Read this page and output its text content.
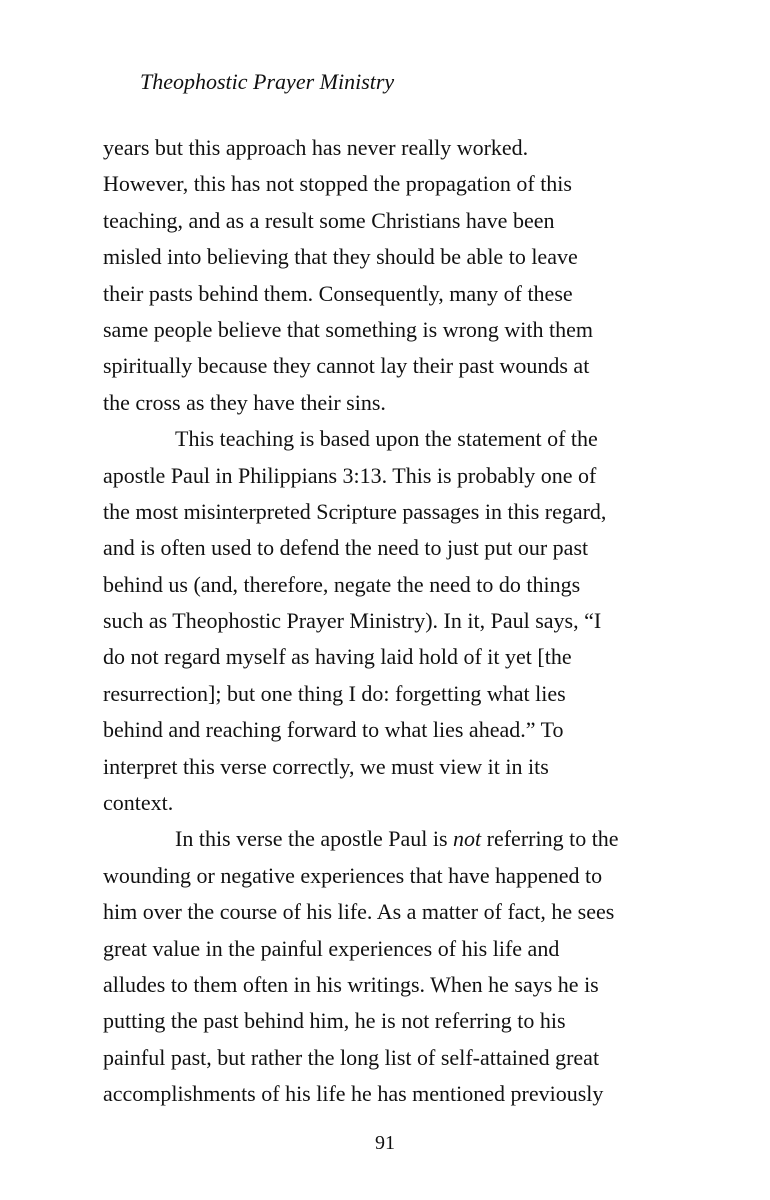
Theophostic Prayer Ministry
years but this approach has never really worked.
However, this has not stopped the propagation of this
teaching, and as a result some Christians have been
misled into believing that they should be able to leave
their pasts behind them. Consequently, many of these
same people believe that something is wrong with them
spiritually because they cannot lay their past wounds at
the cross as they have their sins.
This teaching is based upon the statement of the
apostle Paul in Philippians 3:13. This is probably one of
the most misinterpreted Scripture passages in this regard,
and is often used to defend the need to just put our past
behind us (and, therefore, negate the need to do things
such as Theophostic Prayer Ministry). In it, Paul says, “I
do not regard myself as having laid hold of it yet [the
resurrection]; but one thing I do: forgetting what lies
behind and reaching forward to what lies ahead.” To
interpret this verse correctly, we must view it in its
context.
In this verse the apostle Paul is not referring to the
wounding or negative experiences that have happened to
him over the course of his life. As a matter of fact, he sees
great value in the painful experiences of his life and
alludes to them often in his writings. When he says he is
putting the past behind him, he is not referring to his
painful past, but rather the long list of self-attained great
accomplishments of his life he has mentioned previously
91
